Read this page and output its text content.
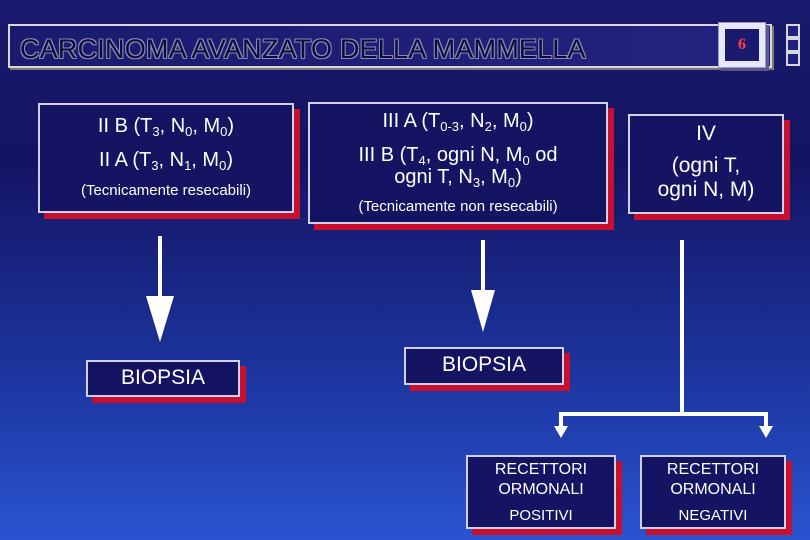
CARCINOMA AVANZATO DELLA MAMMELLA	6
II B ($T_3$, $N_0$, $M_0$)
II A ($T_3$, $N_1$, $M_0$)
(Tecnicamente resecabili)
III A ($T_{0-3}$, $N_2$, $M_0$)
III B ($T_4$, ogni N, $M_0$ od
ogni T, $N_3$, $M_0$)
(Tecnicamente non resecabili)
IV
(ogni T,
ogni N, M)
BIOPSIA
BIOPSIA
RECETTORI
ORMONALI
POSITIVI
RECETTORI
ORMONALI
NEGATIVI
